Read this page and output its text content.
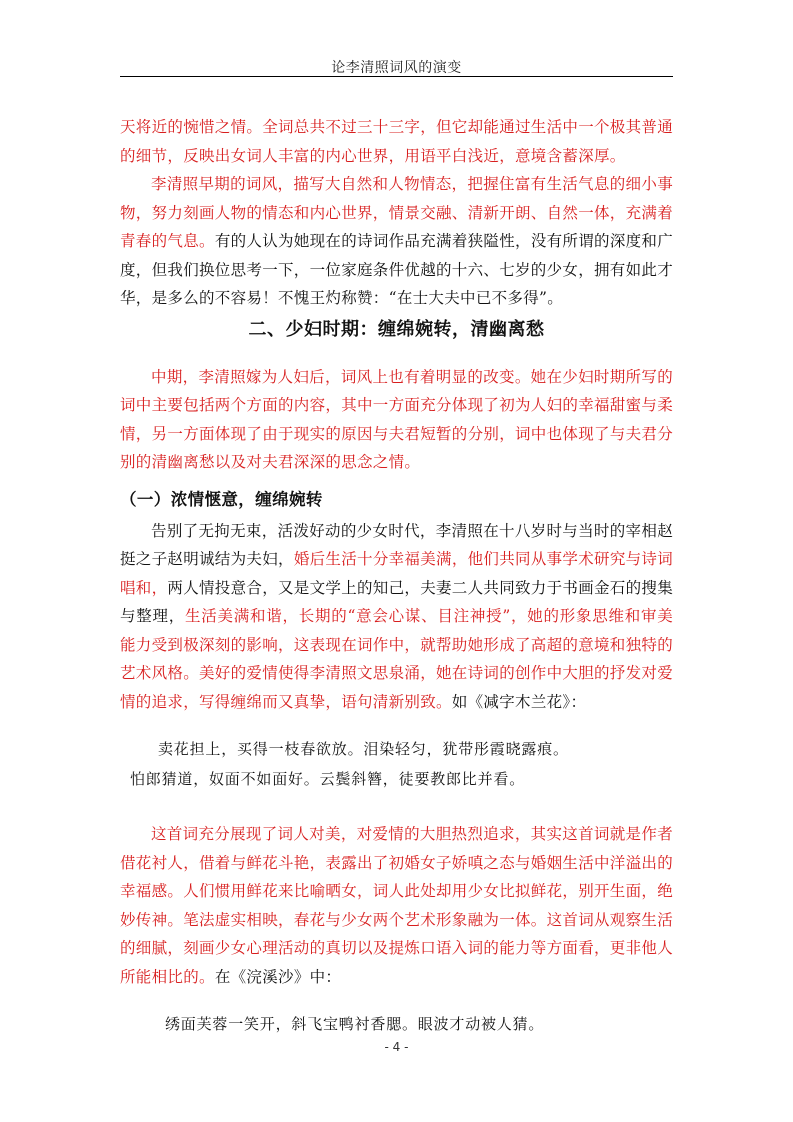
论李清照词风的演变

天将近的惋惜之情。全词总共不过三十三字，但它却能通过生活中一个极其普通的细节，反映出女词人丰富的内心世界，用语平白浅近，意境含蓄深厚。

李清照早期的词风，描写大自然和人物情态，把握住富有生活气息的细小事物，努力刻画人物的情态和内心世界，情景交融、清新开朗、自然一体，充满着青春的气息。有的人认为她现在的诗词作品充满着狭隘性，没有所谓的深度和广度，但我们换位思考一下，一位家庭条件优越的十六、七岁的少女，拥有如此才华，是多么的不容易！不愧王灼称赞：“在士大夫中已不多得”。

二、少妇时期：缠绵婉转，清幽离愁

中期，李清照嫁为人妇后，词风上也有着明显的改变。她在少妇时期所写的词中主要包括两个方面的内容，其中一方面充分体现了初为人妇的幸福甜蜜与柔情，另一方面体现了由于现实的原因与夫君短暂的分别，词中也体现了与夫君分别的清幽离愁以及对夫君深深的思念之情。

（一）浓情惬意，缠绵婉转

告别了无拘无束，活泼好动的少女时代，李清照在十八岁时与当时的宰相赵挺之子赵明诚结为夫妇，婚后生活十分幸福美满，他们共同从事学术研究与诗词唱和，两人情投意合，又是文学上的知己，夫妻二人共同致力于书画金石的搜集与整理，生活美满和谐，长期的“意会心谋、目注神授”，她的形象思维和审美能力受到极深刻的影响，这表现在词作中，就帮助她形成了高超的意境和独特的艺术风格。美好的爱情使得李清照文思泉涌，她在诗词的创作中大胆的抒发对爱情的追求，写得缠绵而又真挚，语句清新别致。如《减字木兰花》：

卖花担上，买得一枝春欲放。泪染轻匀，犹带彤霞晓露痕。

怕郎猜道，奴面不如面好。云鬓斜簪，徒要教郎比并看。

这首词充分展现了词人对美，对爱情的大胆热烈追求，其实这首词就是作者借花衬人，借着与鲜花斗艳，表露出了初婚女子娇嗔之态与婚姻生活中洋溢出的幸福感。人们惯用鲜花来比喻晒女，词人此处却用少女比拟鲜花，别开生面，绝妙传神。笔法虚实相映，春花与少女两个艺术形象融为一体。这首词从观察生活的细腻，刻画少女心理活动的真切以及提炼口语入词的能力等方面看，更非他人所能相比的。在《浣溪沙》中：

绣面芙蓉一笑开，斜飞宝鸭衬香腮。眼波才动被人猜。

- 4 -
